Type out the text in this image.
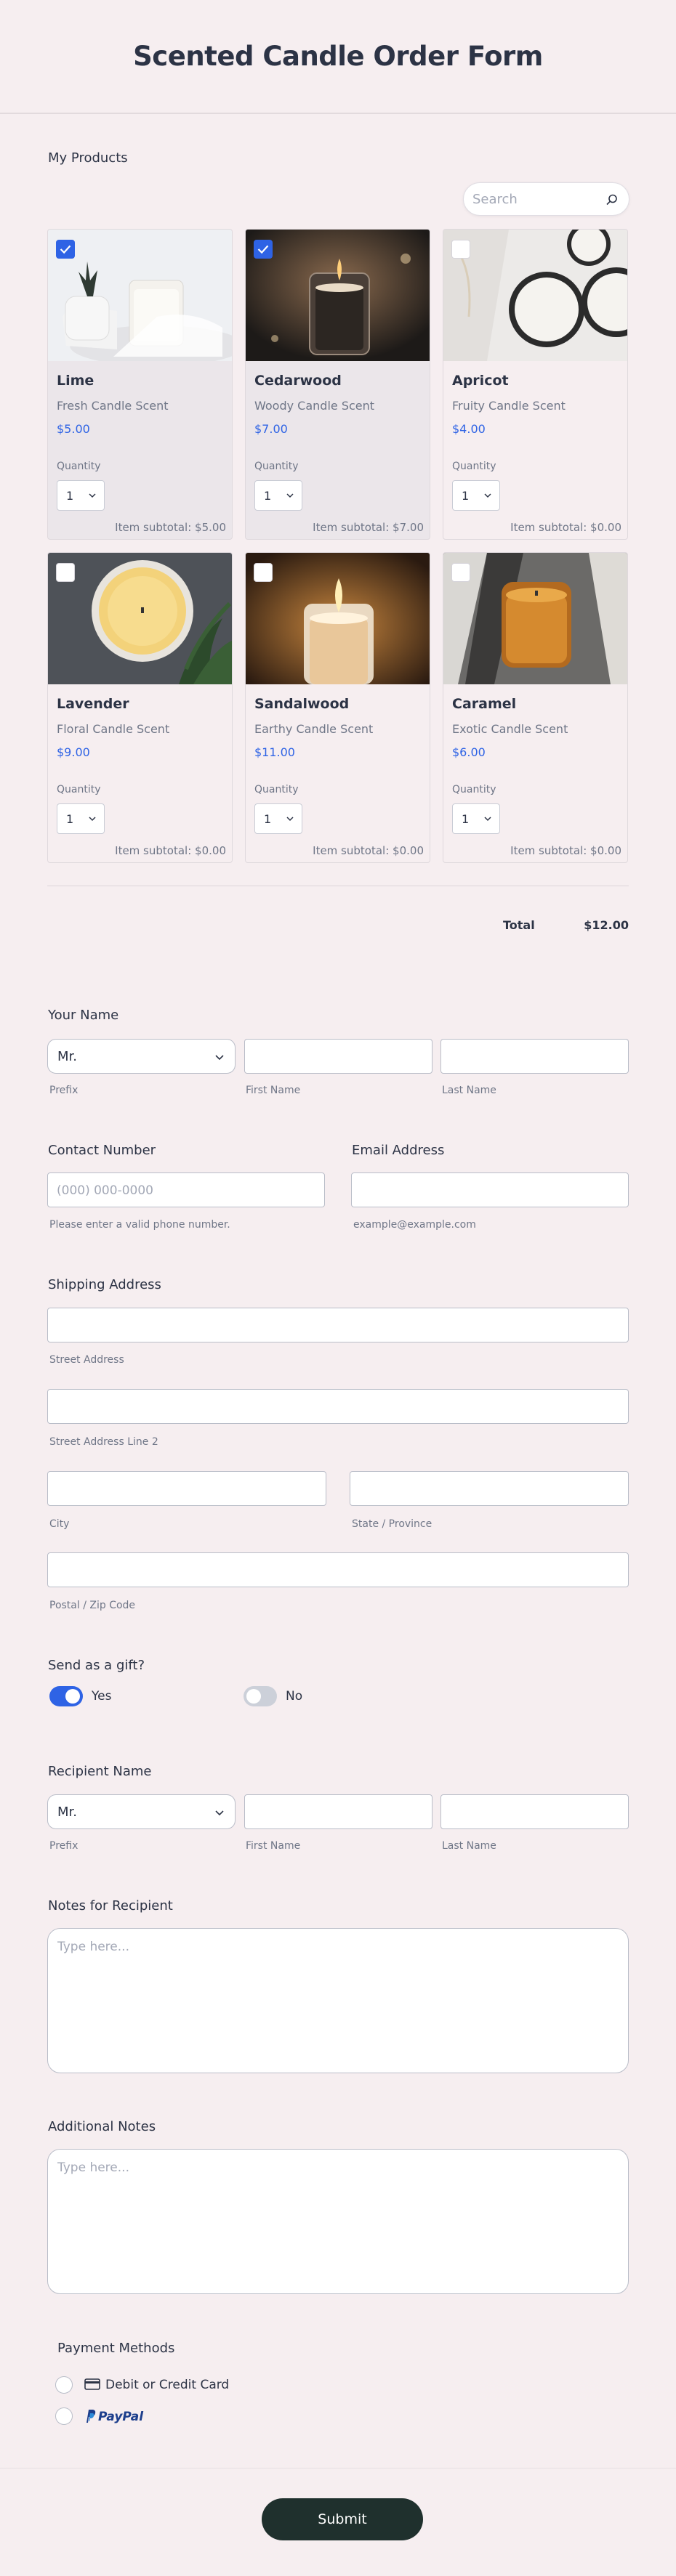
Scented Candle Order Form
My Products
Search
Lime
Fresh Candle Scent
$5.00
Quantity
1
Item subtotal: $5.00
Cedarwood
Woody Candle Scent
$7.00
Quantity
1
Item subtotal: $7.00
Apricot
Fruity Candle Scent
$4.00
Quantity
1
Item subtotal: $0.00
Lavender
Floral Candle Scent
$9.00
Quantity
1
Item subtotal: $0.00
Sandalwood
Earthy Candle Scent
$11.00
Quantity
1
Item subtotal: $0.00
Caramel
Exotic Candle Scent
$6.00
Quantity
1
Item subtotal: $0.00
Total	$12.00
Your Name
Mr.
Prefix	First Name	Last Name
Contact Number	Email Address
(000) 000-0000
Please enter a valid phone number.	example@example.com
Shipping Address
Street Address
Street Address Line 2
City	State / Province
Postal / Zip Code
Send as a gift?
Yes	No
Recipient Name
Mr.
Prefix	First Name	Last Name
Notes for Recipient
Type here...
Additional Notes
Type here...
Payment Methods
Debit or Credit Card
PayPal
Submit
